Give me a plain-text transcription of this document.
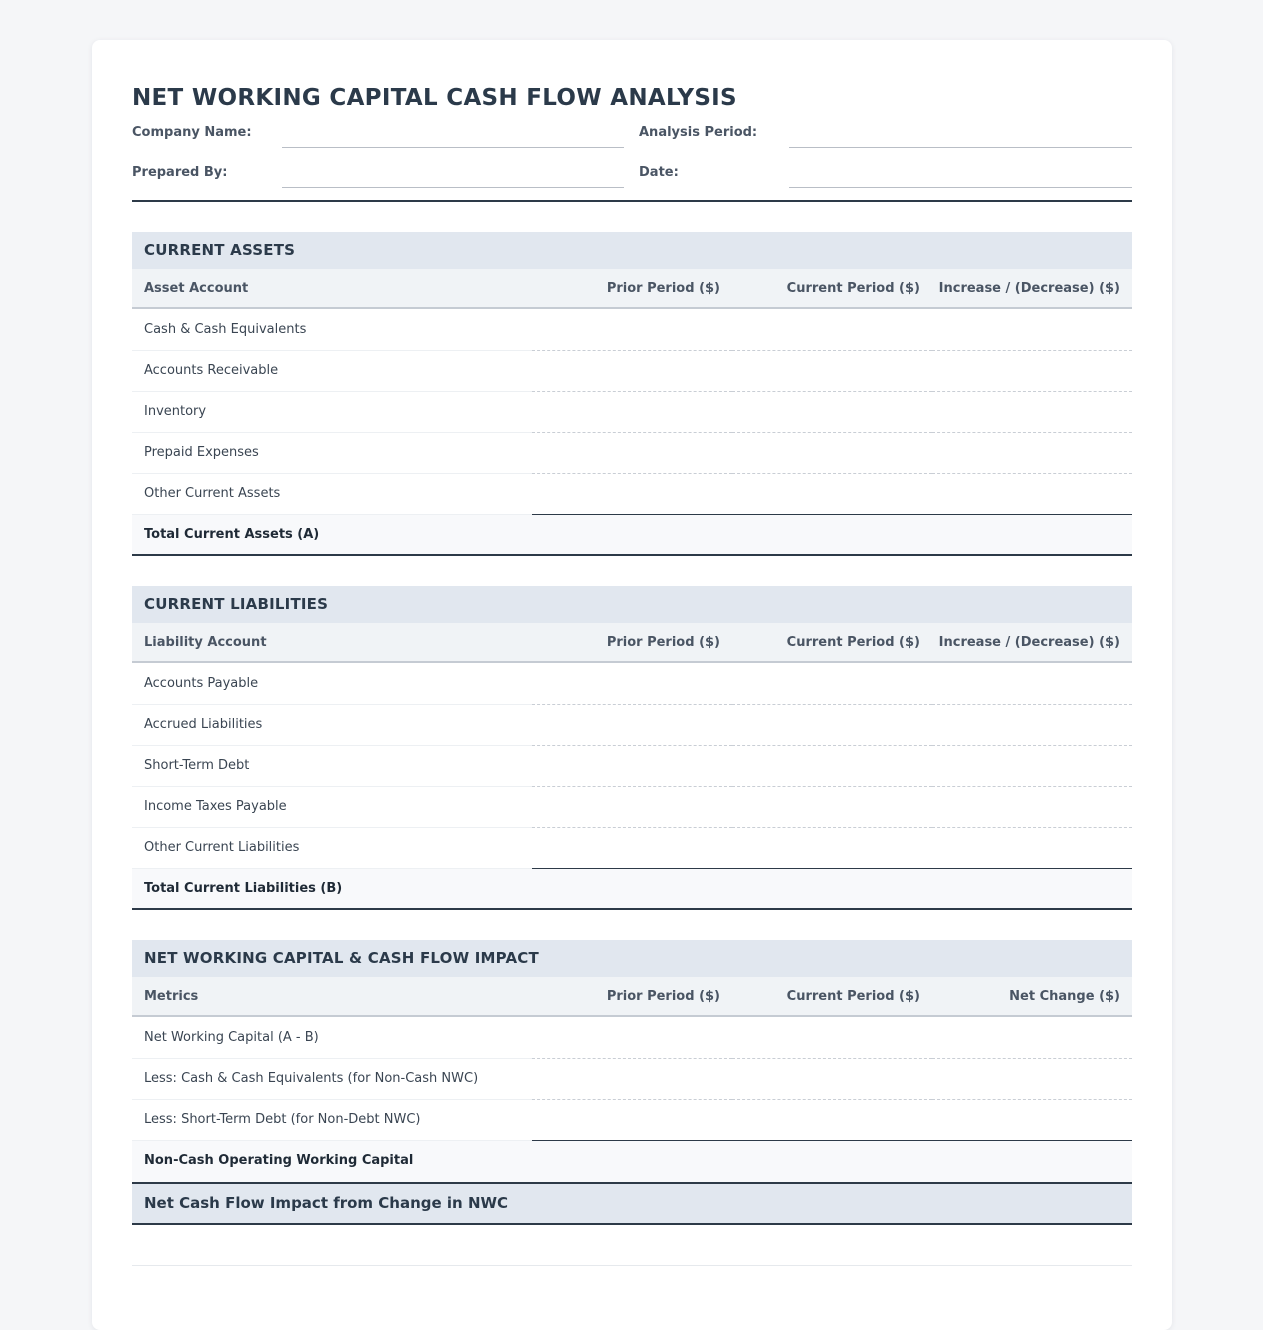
NET WORKING CAPITAL CASH FLOW ANALYSIS
Company Name:	Analysis Period:
Prepared By:	Date:
CURRENT ASSETS
Asset Account	Prior Period ($)	Current Period ($)	Increase / (Decrease) ($)
Cash & Cash Equivalents
Accounts Receivable
Inventory
Prepaid Expenses
Other Current Assets
Total Current Assets (A)
CURRENT LIABILITIES
Liability Account	Prior Period ($)	Current Period ($)	Increase / (Decrease) ($)
Accounts Payable
Accrued Liabilities
Short-Term Debt
Income Taxes Payable
Other Current Liabilities
Total Current Liabilities (B)
NET WORKING CAPITAL & CASH FLOW IMPACT
Metrics	Prior Period ($)	Current Period ($)	Net Change ($)
Net Working Capital (A - B)
Less: Cash & Cash Equivalents (for Non-Cash NWC)
Less: Short-Term Debt (for Non-Debt NWC)
Non-Cash Operating Working Capital
Net Cash Flow Impact from Change in NWC
